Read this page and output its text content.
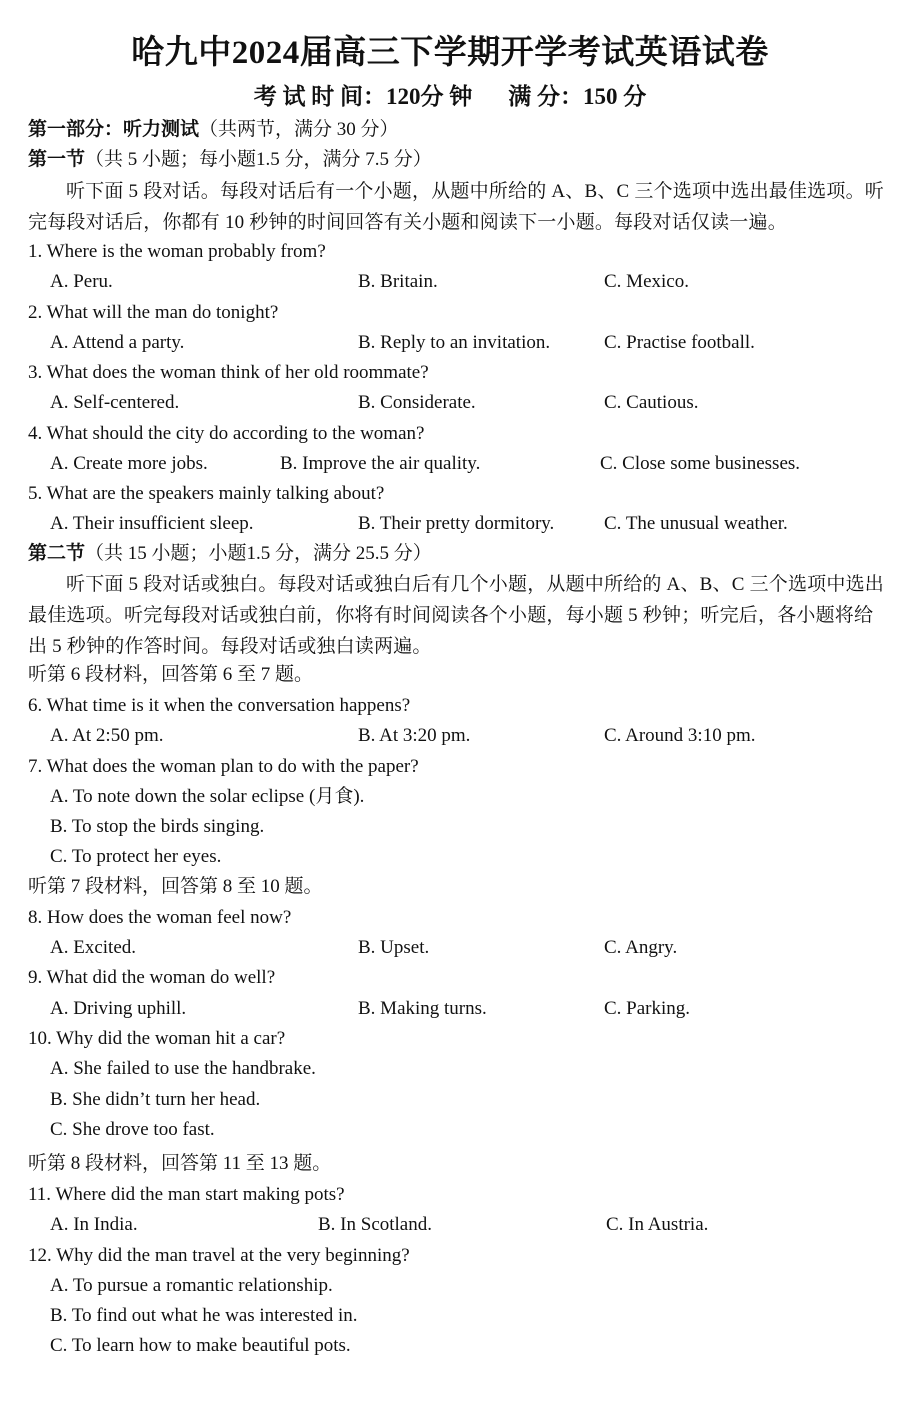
哈九中2024届高三下学期开学考试英语试卷
考 试 时 间：120分 钟 满 分：150 分
第一部分：听力测试（共两节，满分 30 分）
第一节（共 5 小题；每小题1.5 分，满分 7.5 分）
听下面 5 段对话。每段对话后有一个小题，从题中所给的 A、B、C 三个选项中选出最佳选项。听完每段对话后，你都有 10 秒钟的时间回答有关小题和阅读下一小题。每段对话仅读一遍。
1. Where is the woman probably from?
A. Peru.	B. Britain.	C. Mexico.
2. What will the man do tonight?
A. Attend a party.	B. Reply to an invitation.	C. Practise football.
3. What does the woman think of her old roommate?
A. Self-centered.	B. Considerate.	C. Cautious.
4. What should the city do according to the woman?
A. Create more jobs.	B. Improve the air quality.	C. Close some businesses.
5. What are the speakers mainly talking about?
A. Their insufficient sleep.	B. Their pretty dormitory.	C. The unusual weather.
第二节（共 15 小题；小题1.5 分，满分 25.5 分）
听下面 5 段对话或独白。每段对话或独白后有几个小题，从题中所给的 A、B、C 三个选项中选出最佳选项。听完每段对话或独白前，你将有时间阅读各个小题，每小题 5 秒钟；听完后，各小题将给出 5 秒钟的作答时间。每段对话或独白读两遍。
听第 6 段材料，回答第 6 至 7 题。
6. What time is it when the conversation happens?
A. At 2:50 pm.	B. At 3:20 pm.	C. Around 3:10 pm.
7. What does the woman plan to do with the paper?
A. To note down the solar eclipse (月食).
B. To stop the birds singing.
C. To protect her eyes.
听第 7 段材料，回答第 8 至 10 题。
8. How does the woman feel now?
A. Excited.	B. Upset.	C. Angry.
9. What did the woman do well?
A. Driving uphill.	B. Making turns.	C. Parking.
10. Why did the woman hit a car?
A. She failed to use the handbrake.
B. She didn’t turn her head.
C. She drove too fast.
听第 8 段材料，回答第 11 至 13 题。
11. Where did the man start making pots?
A. In India.	B. In Scotland.	C. In Austria.
12. Why did the man travel at the very beginning?
A. To pursue a romantic relationship.
B. To find out what he was interested in.
C. To learn how to make beautiful pots.
